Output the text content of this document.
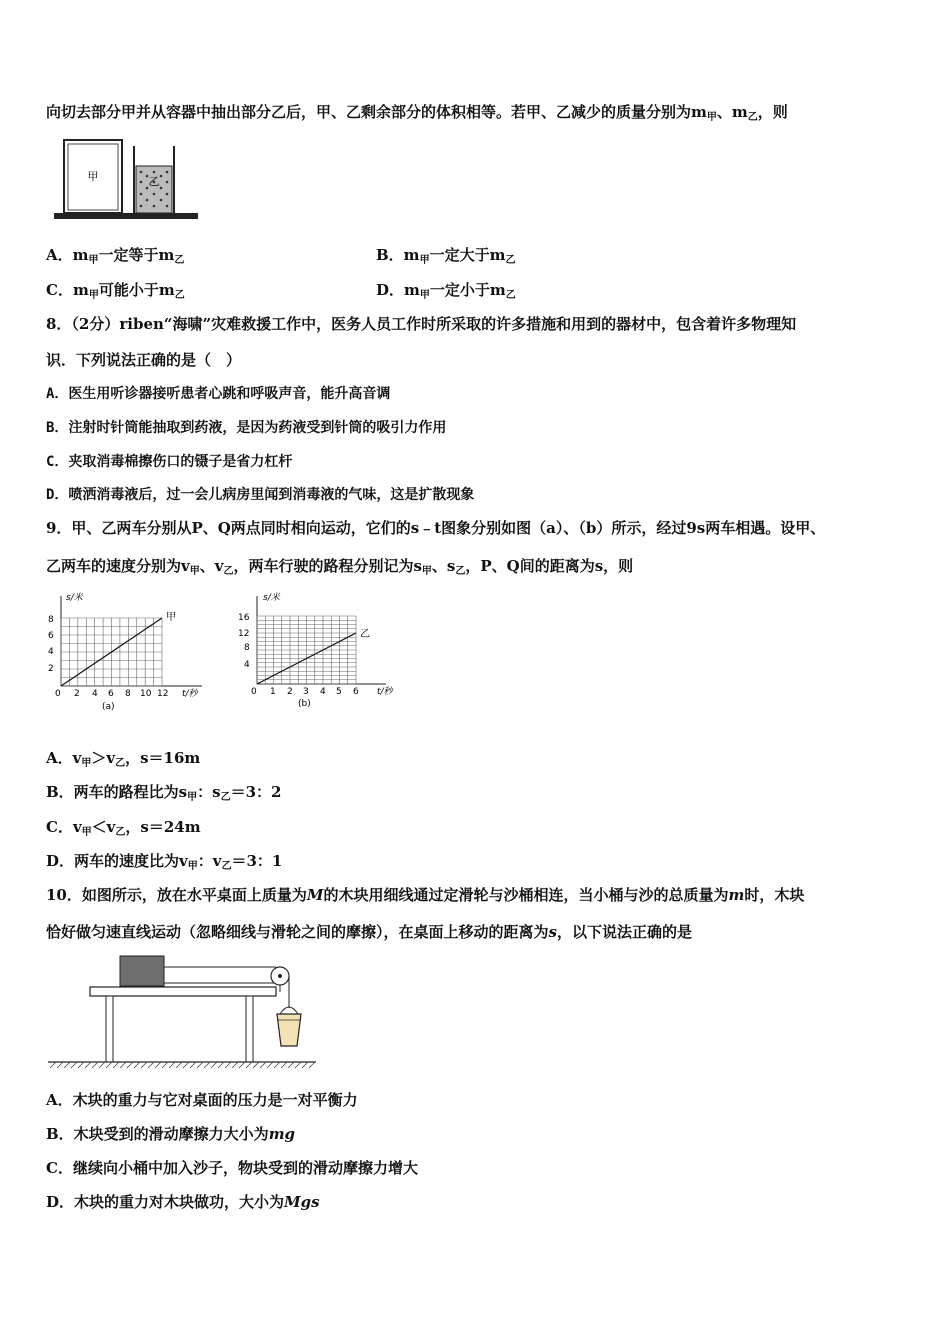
向切去部分甲并从容器中抽出部分乙后，甲、乙剩余部分的体积相等。若甲、乙减少的质量分别为$m_甲$、$m_乙$，则
甲	乙
A．$m_甲$一定等于$m_乙$	B．$m_甲$一定大于$m_乙$
C．$m_甲$可能小于$m_乙$	D．$m_甲$一定小于$m_乙$
8．（2分）riben“海啸”灾难救援工作中，医务人员工作时所采取的许多措施和用到的器材中，包含着许多物理知
识．下列说法正确的是（　）
A．医生用听诊器接听患者心跳和呼吸声音，能升高音调
B．注射时针筒能抽取到药液，是因为药液受到针筒的吸引力作用
C．夹取消毒棉擦伤口的镊子是省力杠杆
D．喷洒消毒液后，过一会儿病房里闻到消毒液的气味，这是扩散现象
9．甲、乙两车分别从P、Q两点同时相向运动，它们的s﹣t图象分别如图（a）、（b）所示，经过9s两车相遇。设甲、
乙两车的速度分别为$v_甲$、$v_乙$，两车行驶的路程分别记为$s_甲$、$s_乙$，P、Q间的距离为s，则
s/米
甲
2
4
6
8
0 2 4 6 8 10 12 t/秒
(a)
s/米
乙
4
8
12
16
0 1 2 3 4 5 6 t/秒
(b)
A．$v_甲>v_乙$，s＝16m
B．两车的路程比为$s_甲$：$s_乙=3$：2
C．$v_甲<v_乙$，s＝24m
D．两车的速度比为$v_甲$：$v_乙=3$：1
10．如图所示，放在水平桌面上质量为M的木块用细线通过定滑轮与沙桶相连，当小桶与沙的总质量为m时，木块
恰好做匀速直线运动（忽略细线与滑轮之间的摩擦），在桌面上移动的距离为s，以下说法正确的是
A．木块的重力与它对桌面的压力是一对平衡力
B．木块受到的滑动摩擦力大小为mg
C．继续向小桶中加入沙子，物块受到的滑动摩擦力增大
D．木块的重力对木块做功，大小为Mgs
